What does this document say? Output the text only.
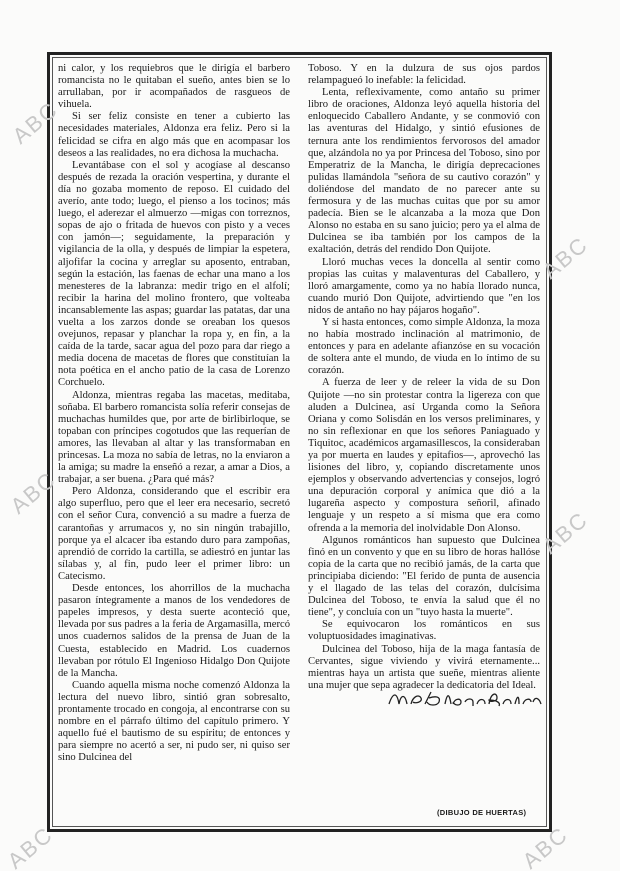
ni calor, y los requiebros que le dirigía el barbero romancista no le quitaban el sueño, antes bien se lo arrullaban, por ir acompañados de rasgueos de vihuela.

Si ser feliz consiste en tener a cubierto las necesidades materiales, Aldonza era feliz. Pero si la felicidad se cifra en algo más que en acompasar los deseos a las realidades, no era dichosa la muchacha.

Levantábase con el sol y acogíase al descanso después de rezada la oración vespertina, y durante el día no gozaba momento de reposo. El cuidado del averío, ante todo; luego, el pienso a los tocinos; más luego, el aderezar el almuerzo —migas con torreznos, sopas de ajo o fritada de huevos con pisto y a veces con jamón—; seguidamente, la preparación y vigilancia de la olla, y después de limpiar la espetera, aljofifar la cocina y arreglar su aposento, entraban, según la estación, las faenas de echar una mano a los menesteres de la labranza: medir trigo en el alfolí; recibir la harina del molino frontero, que volteaba incansablemente las aspas; guardar las patatas, dar una vuelta a los zarzos donde se oreaban los quesos ovejunos, repasar y planchar la ropa y, en fin, a la caída de la tarde, sacar agua del pozo para dar riego a media docena de macetas de flores que constituían la nota poética en el ancho patio de la casa de Lorenzo Corchuelo.

Aldonza, mientras regaba las macetas, meditaba, soñaba. El barbero romancista solía referir consejas de muchachas humildes que, por arte de birlibirloque, se topaban con príncipes cogotudos que las requerían de amores, las llevaban al altar y las transformaban en princesas. La moza no sabía de letras, no la enviaron a la amiga; su madre la enseñó a rezar, a amar a Dios, a trabajar, a ser buena. ¿Para qué más?

Pero Aldonza, considerando que el escribir era algo superfluo, pero que el leer era necesario, secretó con el señor Cura, convenció a su madre a fuerza de carantoñas y arrumacos y, no sin ningún trabajillo, porque ya el alcacer iba estando duro para zampoñas, aprendió de corrido la cartilla, se adiestró en juntar las sílabas y, al fin, pudo leer el primer libro: un Catecismo.

Desde entonces, los ahorrillos de la muchacha pasaron íntegramente a manos de los vendedores de papeles impresos, y desta suerte aconteció que, llevada por sus padres a la feria de Argamasilla, mercó unos cuadernos salidos de la prensa de Juan de la Cuesta, establecido en Madrid. Los cuadernos llevaban por rótulo El Ingenioso Hidalgo Don Quijote de la Mancha.

Cuando aquella misma noche comenzó Aldonza la lectura del nuevo libro, sintió gran sobresalto, prontamente trocado en congoja, al encontrarse con su nombre en el párrafo último del capítulo primero. Y aquello fué el bautismo de su espíritu; de entonces y para siempre no acertó a ser, ni pudo ser, ni quiso ser sino Dulcinea del

Toboso. Y en la dulzura de sus ojos pardos relampagueó lo inefable: la felicidad.

Lenta, reflexivamente, como antaño su primer libro de oraciones, Aldonza leyó aquella historia del enloquecido Caballero Andante, y se conmovió con las aventuras del Hidalgo, y sintió efusiones de ternura ante los rendimientos fervorosos del amador que, alzándola no ya por Princesa del Toboso, sino por Emperatriz de la Mancha, le dirigía deprecaciones pulidas llamándola "señora de su cautivo corazón" y doliéndose del mandato de no parecer ante su fermosura y de las muchas cuitas que por su amor padecía. Bien se le alcanzaba a la moza que Don Alonso no estaba en su sano juicio; pero ya el alma de Dulcinea se iba también por los campos de la exaltación, detrás del rendido Don Quijote.

Lloró muchas veces la doncella al sentir como propias las cuitas y malaventuras del Caballero, y lloró amargamente, como ya no había llorado nunca, cuando murió Don Quijote, advirtiendo que "en los nidos de antaño no hay pájaros hogaño".

Y si hasta entonces, como simple Aldonza, la moza no había mostrado inclinación al matrimonio, de entonces y para en adelante afianzóse en su vocación de soltera ante el mundo, de viuda en lo íntimo de su corazón.

A fuerza de leer y de releer la vida de su Don Quijote —no sin protestar contra la ligereza con que aluden a Dulcinea, así Urganda como la Señora Oriana y como Solisdán en los versos preliminares, y no sin reflexionar en que los señores Paniaguado y Tiquitoc, académicos argamasillescos, la consideraban ya por muerta en laudes y epitafios—, aprovechó las lisiones del libro, y, copiando discretamente unos ejemplos y observando advertencias y consejos, logró una depuración corporal y anímica que dió a la lugareña aspecto y compostura señoril, afinado lenguaje y un respeto a sí misma que era como ofrenda a la memoria del inolvidable Don Alonso.

Algunos románticos han supuesto que Dulcinea finó en un convento y que en su libro de horas hallóse copia de la carta que no recibió jamás, de la carta que principiaba diciendo: "El ferido de punta de ausencia y el llagado de las telas del corazón, dulcísima Dulcinea del Toboso, te envía la salud que él no tiene", y concluía con un "tuyo hasta la muerte".

Se equivocaron los románticos en sus voluptuosidades imaginativas.

Dulcinea del Toboso, hija de la maga fantasía de Cervantes, sigue viviendo y vivirá eternamente... mientras haya un artista que sueñe, mientras aliente una mujer que sepa agradecer la dedicatoria del Ideal.

(DIBUJO DE HUERTAS)
ABC
ABC
ABC
ABC
ABC	ABC
